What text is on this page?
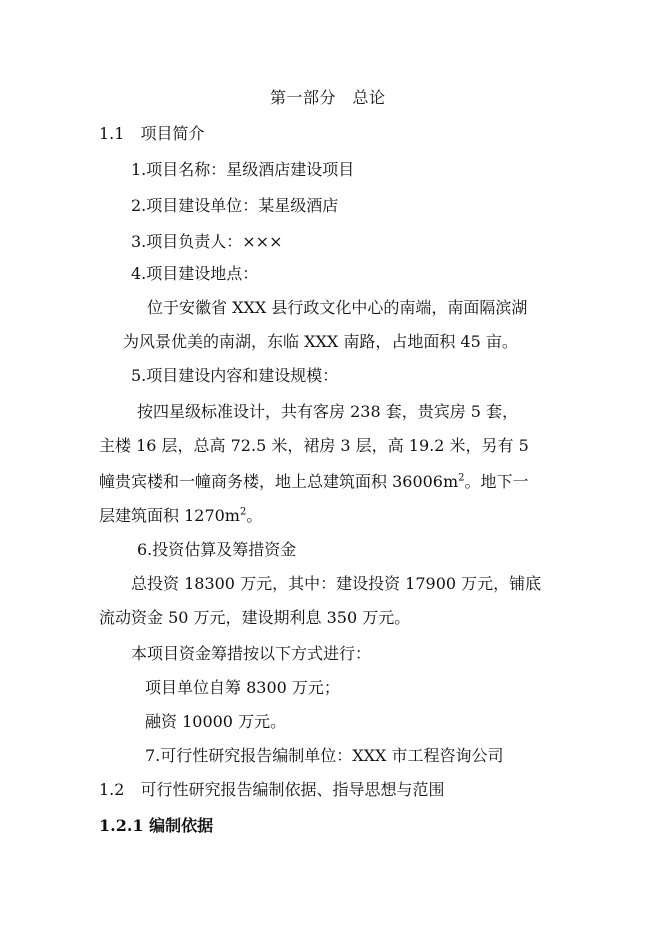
第一部分　总论
1.1　项目简介
1.项目名称：星级酒店建设项目
2.项目建设单位：某星级酒店
3.项目负责人：×××
4.项目建设地点：
位于安徽省 XXX 县行政文化中心的南端，南面隔滨湖
为风景优美的南湖，东临 XXX 南路，占地面积 45 亩。
5.项目建设内容和建设规模：
按四星级标准设计，共有客房 238 套，贵宾房 5 套，
主楼 16 层，总高 72.5 米，裙房 3 层，高 19.2 米，另有 5
幢贵宾楼和一幢商务楼，地上总建筑面积 $36006m^2$。地下一
层建筑面积 $1270m^2$。
6.投资估算及筹措资金
总投资 18300 万元，其中：建设投资 17900 万元，铺底
流动资金 50 万元，建设期利息 350 万元。
本项目资金筹措按以下方式进行：
项目单位自筹 8300 万元；
融资 10000 万元。
7.可行性研究报告编制单位：XXX 市工程咨询公司
1.2　可行性研究报告编制依据、指导思想与范围
1.2.1 编制依据
